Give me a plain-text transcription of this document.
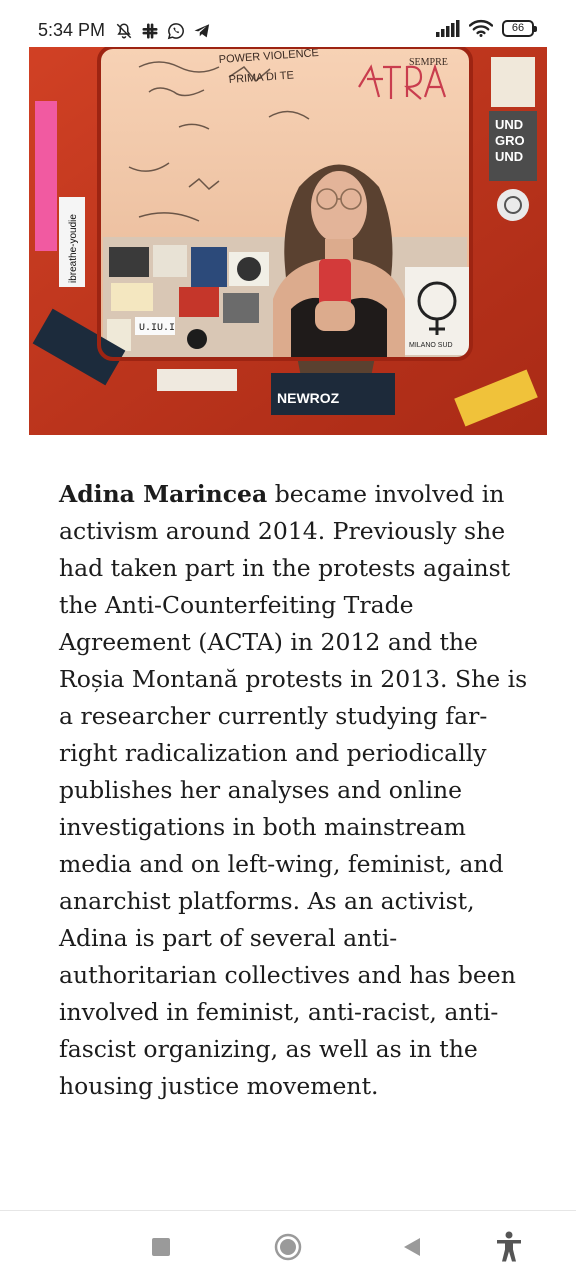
5:34 PM	66
U.IU.I
POWER VIOLENCE
PRIMA DI TE
SEMPRE
UND
GRO
UND
MILANO SUD
ibreathe-youdie
NEWROZ
Adina Marincea became involved in activism around 2014. Previously she had taken part in the protests against the Anti-Counterfeiting Trade Agreement (ACTA) in 2012 and the Roșia Montană protests in 2013. She is a researcher currently studying far-right radicalization and periodically publishes her analyses and online investigations in both mainstream media and on left-wing, feminist, and anarchist platforms. As an activist, Adina is part of several anti-authoritarian collectives and has been involved in feminist, anti-racist, anti-fascist organizing, as well as in the housing justice movement.
